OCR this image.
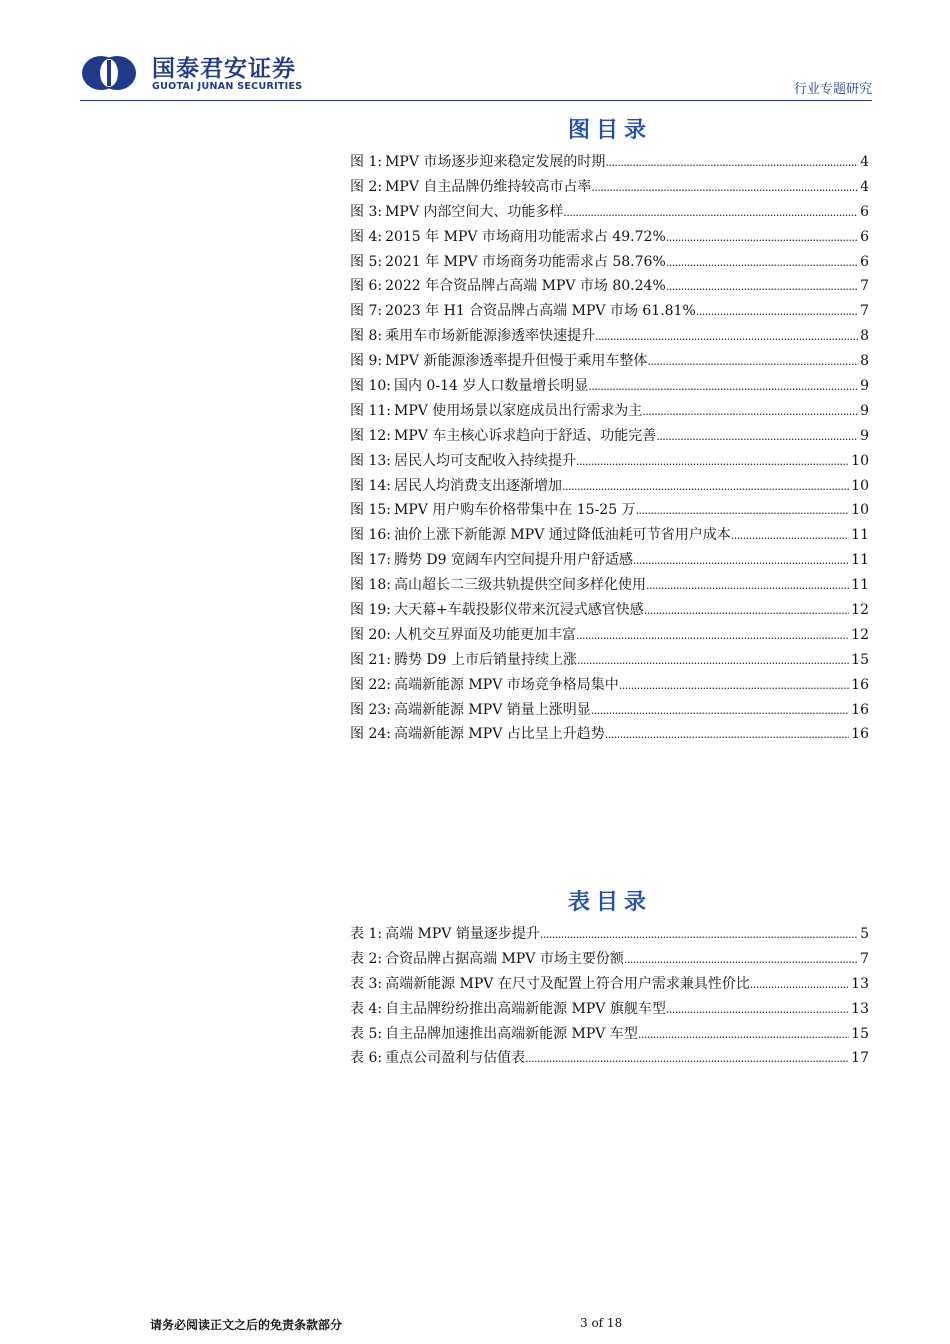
国泰君安证券
GUOTAI JUNAN SECURITIES	行业专题研究
图目录
图 1: MPV 市场逐步迎来稳定发展的时期 . . .	4
图 2: MPV 自主品牌仍维持较高市占率 . . .	4
图 3: MPV 内部空间大、功能多样 . . .	6
图 4: 2015 年 MPV 市场商用功能需求占 49.72% . . .	6
图 5: 2021 年 MPV 市场商务功能需求占 58.76% . . .	6
图 6: 2022 年合资品牌占高端 MPV 市场 80.24% . . .	7
图 7: 2023 年 H1 合资品牌占高端 MPV 市场 61.81% . . .	7
图 8: 乘用车市场新能源渗透率快速提升 . . .	8
图 9: MPV 新能源渗透率提升但慢于乘用车整体 . . .	8
图 10: 国内 0-14 岁人口数量增长明显 . . .	9
图 11: MPV 使用场景以家庭成员出行需求为主 . . .	9
图 12: MPV 车主核心诉求趋向于舒适、功能完善 . . .	9
图 13: 居民人均可支配收入持续提升 . . .	10
图 14: 居民人均消费支出逐渐增加 . . .	10
图 15: MPV 用户购车价格带集中在 15-25 万 . . .	10
图 16: 油价上涨下新能源 MPV 通过降低油耗可节省用户成本 . . .	11
图 17: 腾势 D9 宽阔车内空间提升用户舒适感 . . .	11
图 18: 高山超长二三级共轨提供空间多样化使用 . . .	11
图 19: 大天幕+车载投影仪带来沉浸式感官快感 . . .	12
图 20: 人机交互界面及功能更加丰富 . . .	12
图 21: 腾势 D9 上市后销量持续上涨 . . .	15
图 22: 高端新能源 MPV 市场竞争格局集中 . . .	16
图 23: 高端新能源 MPV 销量上涨明显 . . .	16
图 24: 高端新能源 MPV 占比呈上升趋势 . . .	16
表目录
表 1: 高端 MPV 销量逐步提升 . . .	5
表 2: 合资品牌占据高端 MPV 市场主要份额 . . .	7
表 3: 高端新能源 MPV 在尺寸及配置上符合用户需求兼具性价比 . . .	13
表 4: 自主品牌纷纷推出高端新能源 MPV 旗舰车型 . . .	13
表 5: 自主品牌加速推出高端新能源 MPV 车型 . . .	15
表 6: 重点公司盈利与估值表 . . .	17
请务必阅读正文之后的免责条款部分	3 of 18
